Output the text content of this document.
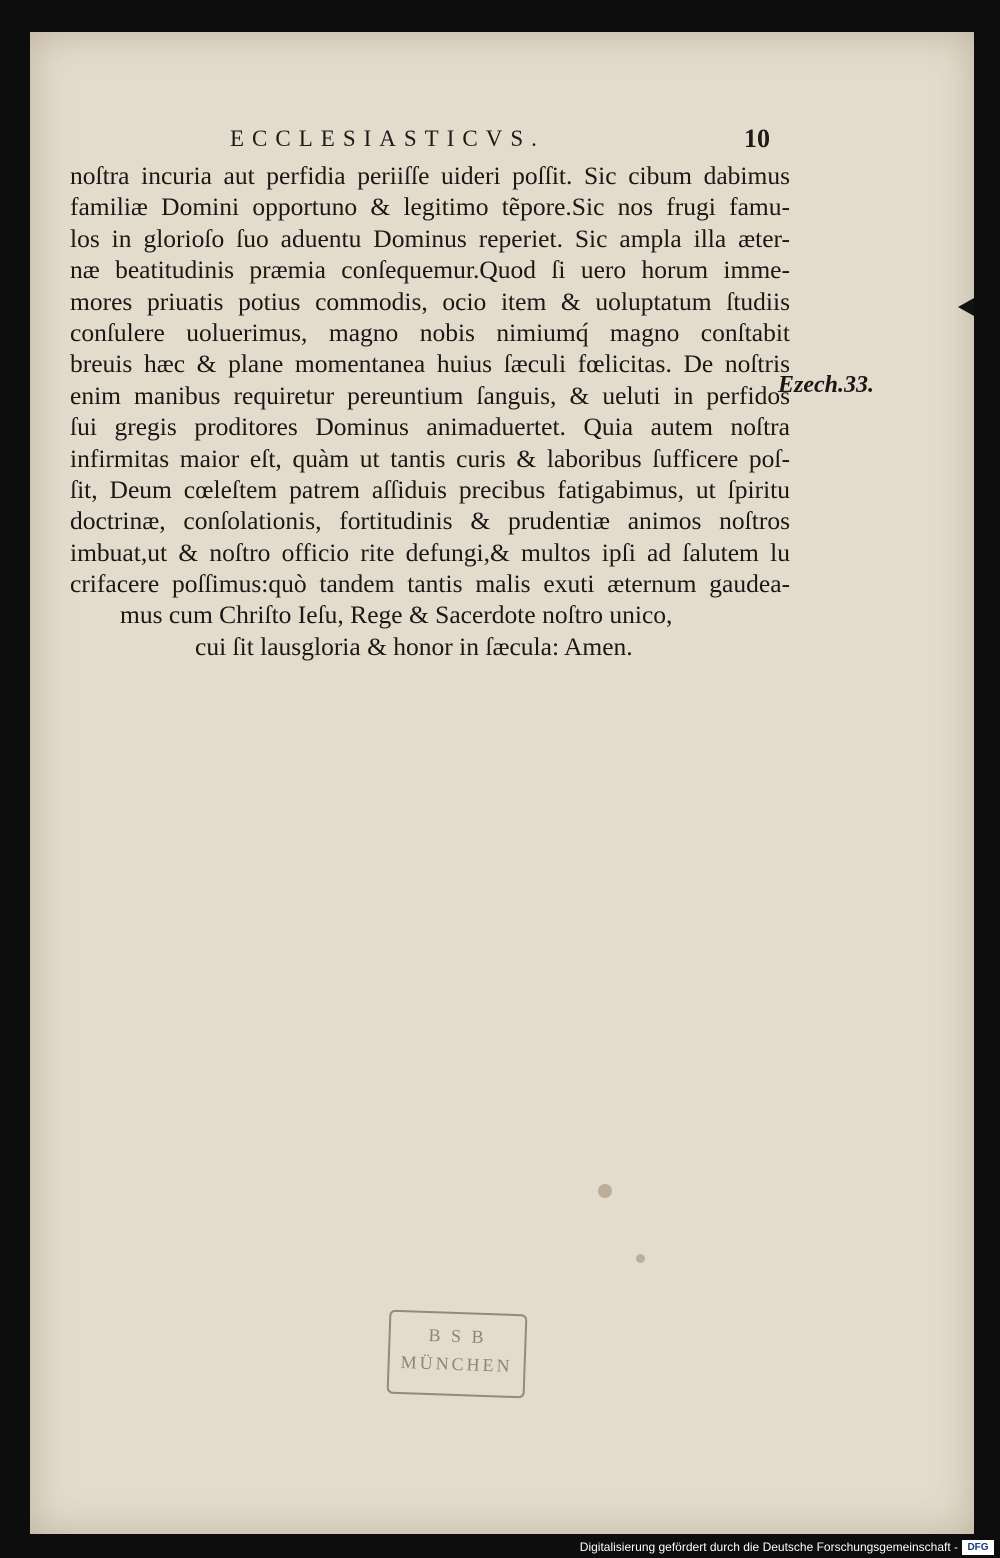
ECCLESIASTICVS.	10
noſtra incuria aut perfidia periiſſe uideri poſſit. Sic cibum dabimus
familiæ Domini opportuno & legitimo tẽpore.Sic nos frugi famu-
los in glorioſo ſuo aduentu Dominus reperiet. Sic ampla illa æter-
næ beatitudinis præmia conſequemur.Quod ſi uero horum imme-
mores priuatis potius commodis, ocio item & uoluptatum ſtudiis
conſulere uoluerimus, magno nobis nimiumq́ magno conſtabit
breuis hæc & plane momentanea huius ſæculi fœlicitas. De noſtris
enim manibus requiretur pereuntium ſanguis, & ueluti in perfidos
ſui gregis proditores Dominus animaduertet. Quia autem noſtra
infirmitas maior eſt, quàm ut tantis curis & laboribus ſufficere poſ-
ſit, Deum cœleſtem patrem aſſiduis precibus fatigabimus, ut ſpiritu
doctrinæ, conſolationis, fortitudinis & prudentiæ animos noſtros
imbuat,ut & noſtro officio rite defungi,& multos ipſi ad ſalutem lu
crifacere poſſimus:quò tandem tantis malis exuti æternum gaudea-
mus cum Chriſto Ieſu, Rege & Sacerdote noſtro unico,
cui ſit lausgloria & honor in ſæcula: Amen.
Ezech.33.
B S B
MÜNCHEN
Digitalisierung gefördert durch die Deutsche Forschungsgemeinschaft - DFG
